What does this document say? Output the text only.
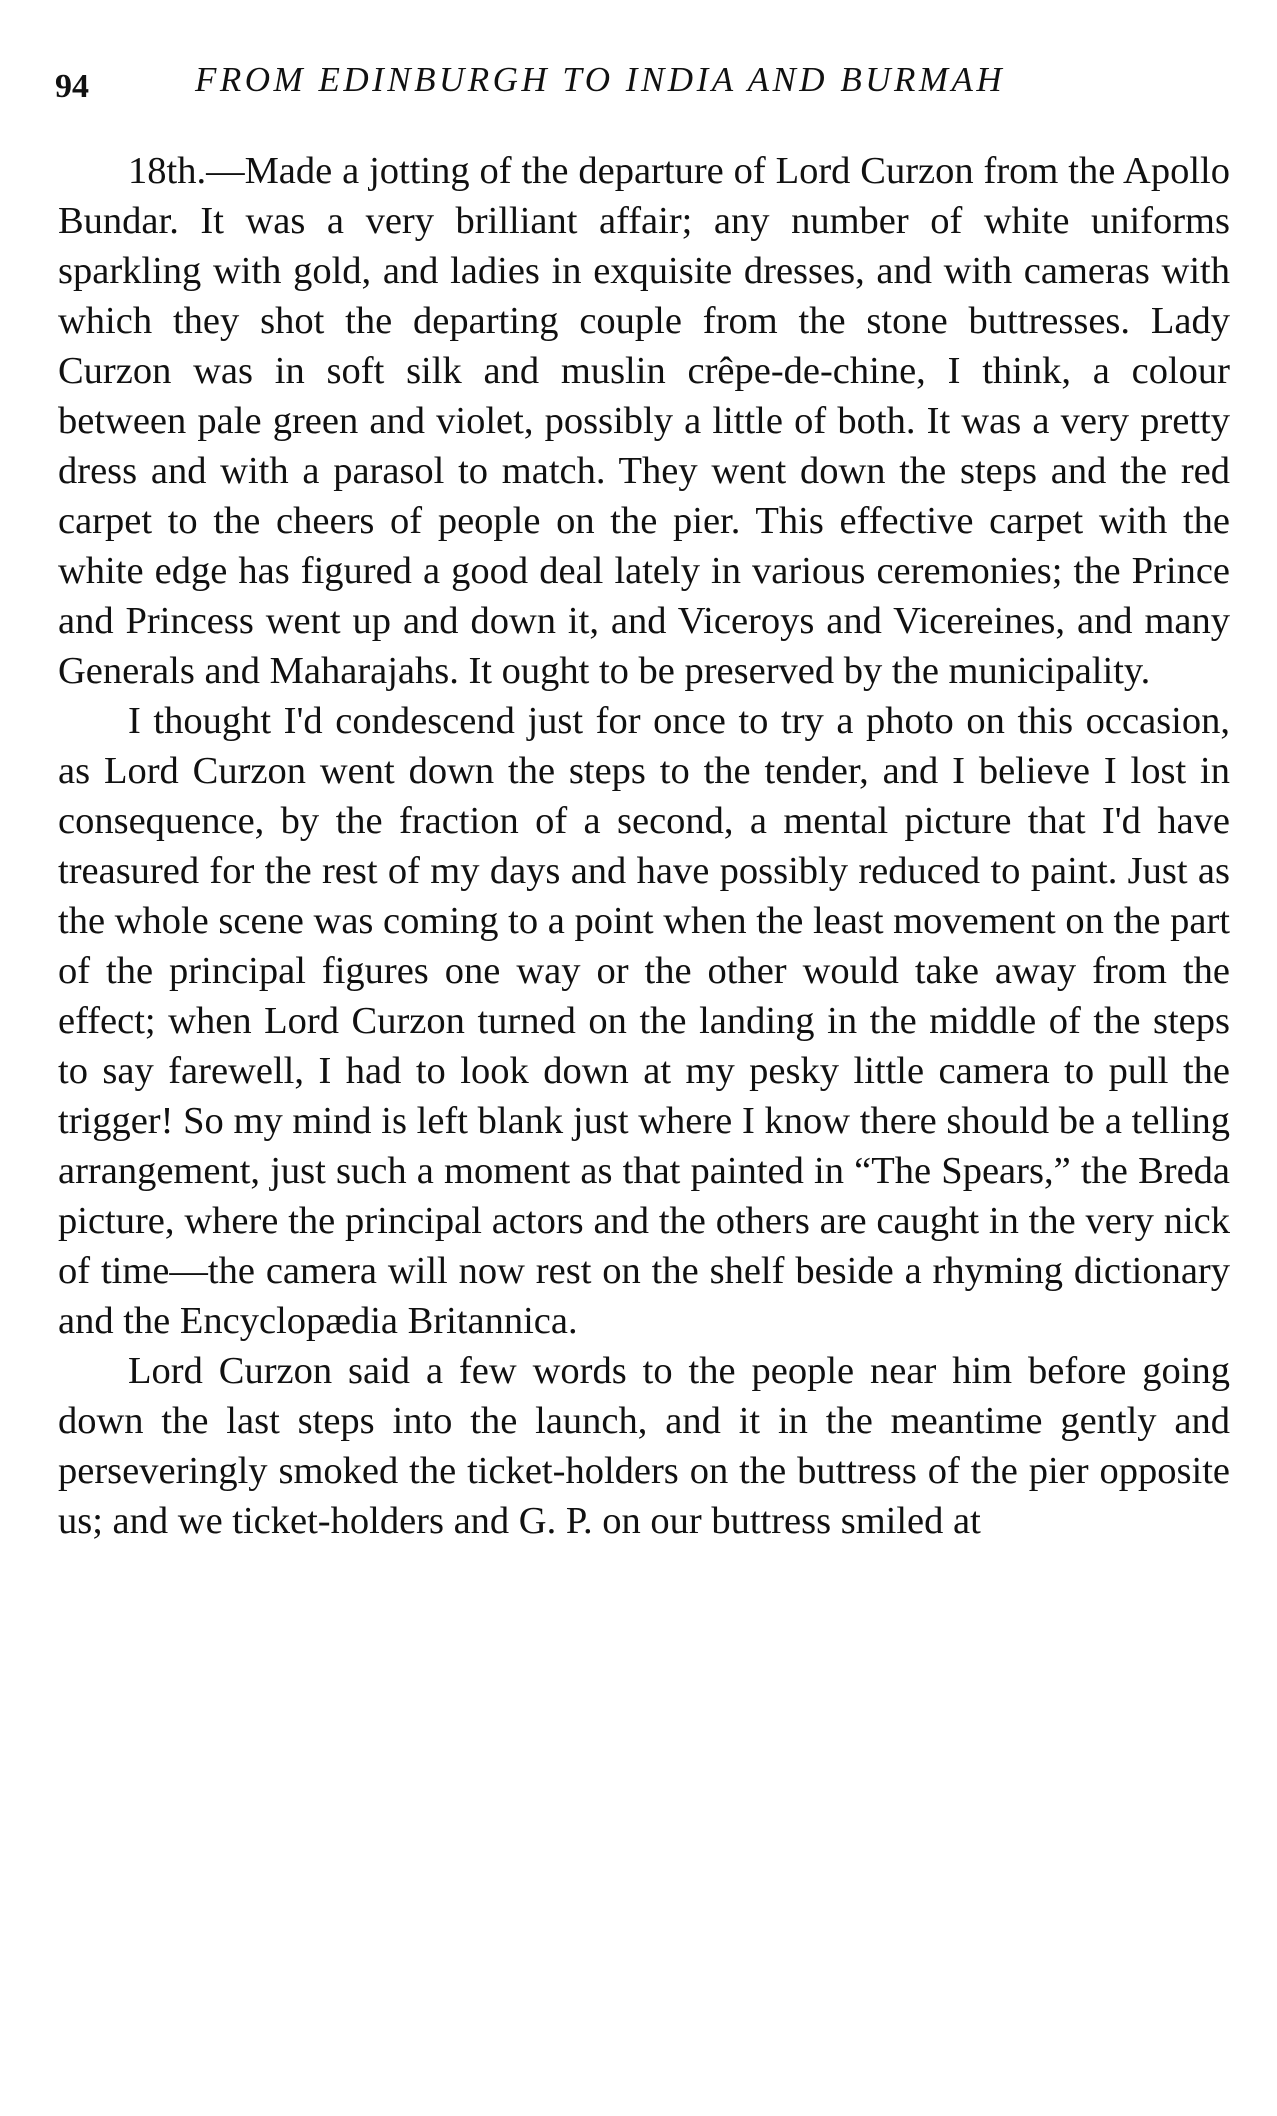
94	FROM EDINBURGH TO INDIA AND BURMAH

18th.—Made a jotting of the departure of Lord Curzon from the Apollo Bundar. It was a very brilliant affair; any number of white uniforms sparkling with gold, and ladies in exquisite dresses, and with cameras with which they shot the departing couple from the stone buttresses. Lady Curzon was in soft silk and muslin crêpe-de-chine, I think, a colour between pale green and violet, possibly a little of both. It was a very pretty dress and with a parasol to match. They went down the steps and the red carpet to the cheers of people on the pier. This effective carpet with the white edge has figured a good deal lately in various ceremonies; the Prince and Princess went up and down it, and Viceroys and Vicereines, and many Generals and Maharajahs. It ought to be preserved by the municipality.

I thought I'd condescend just for once to try a photo on this occasion, as Lord Curzon went down the steps to the tender, and I believe I lost in consequence, by the fraction of a second, a mental picture that I'd have treasured for the rest of my days and have possibly reduced to paint. Just as the whole scene was coming to a point when the least movement on the part of the principal figures one way or the other would take away from the effect; when Lord Curzon turned on the landing in the middle of the steps to say farewell, I had to look down at my pesky little camera to pull the trigger! So my mind is left blank just where I know there should be a telling arrangement, just such a moment as that painted in “The Spears,” the Breda picture, where the principal actors and the others are caught in the very nick of time—the camera will now rest on the shelf beside a rhyming dictionary and the Encyclopædia Britannica.

Lord Curzon said a few words to the people near him before going down the last steps into the launch, and it in the meantime gently and perseveringly smoked the ticket-holders on the buttress of the pier opposite us; and we ticket-holders and G. P. on our buttress smiled at
